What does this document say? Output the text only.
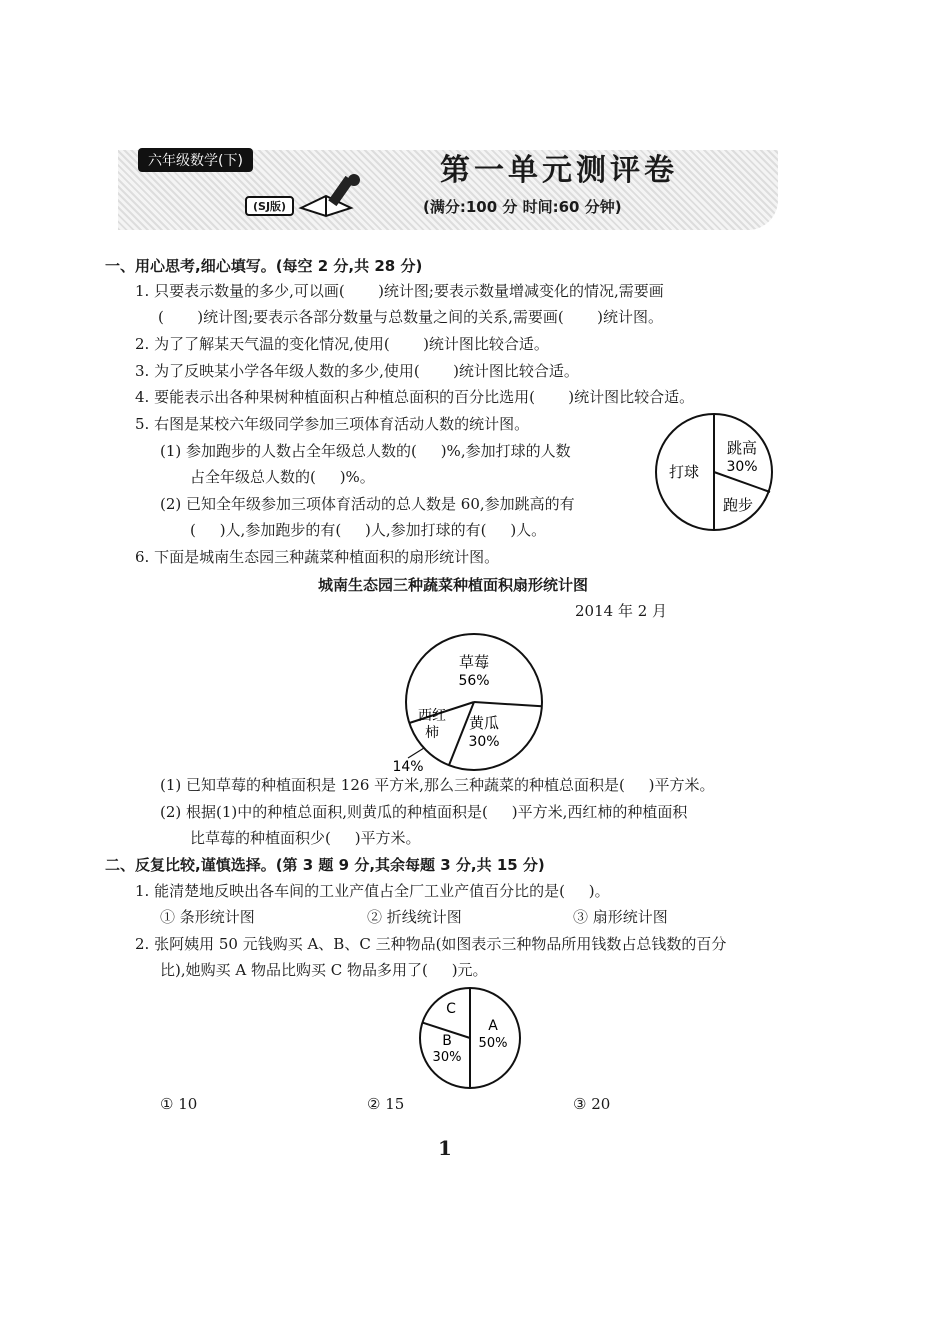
六年级数学(下)
(SJ版)
第一单元测评卷
(满分:100 分 时间:60 分钟)
一、用心思考,细心填写。(每空 2 分,共 28 分)
1. 只要表示数量的多少,可以画(       )统计图;要表示数量增减变化的情况,需要画
(       )统计图;要表示各部分数量与总数量之间的关系,需要画(       )统计图。
2. 为了了解某天气温的变化情况,使用(       )统计图比较合适。
3. 为了反映某小学各年级人数的多少,使用(       )统计图比较合适。
4. 要能表示出各种果树种植面积占种植总面积的百分比选用(       )统计图比较合适。
5. 右图是某校六年级同学参加三项体育活动人数的统计图。
(1) 参加跑步的人数占全年级总人数的(     )%,参加打球的人数
占全年级总人数的(     )%。
(2) 已知全年级参加三项体育活动的总人数是 60,参加跳高的有
(     )人,参加跑步的有(     )人,参加打球的有(     )人。
6. 下面是城南生态园三种蔬菜种植面积的扇形统计图。
跳高
30%
跑步
打球
城南生态园三种蔬菜种植面积扇形统计图
2014 年 2 月
草莓
56%
黄瓜
30%
西红
柿
14%
(1) 已知草莓的种植面积是 126 平方米,那么三种蔬菜的种植总面积是(     )平方米。
(2) 根据(1)中的种植总面积,则黄瓜的种植面积是(     )平方米,西红柿的种植面积
比草莓的种植面积少(     )平方米。
二、反复比较,谨慎选择。(第 3 题 9 分,其余每题 3 分,共 15 分)
1. 能清楚地反映出各车间的工业产值占全厂工业产值百分比的是(     )。
① 条形统计图	② 折线统计图	③ 扇形统计图
2. 张阿姨用 50 元钱购买 A、B、C 三种物品(如图表示三种物品所用钱数占总钱数的百分
比),她购买 A 物品比购买 C 物品多用了(     )元。
A
50%
B
30%
C
① 10	② 15	③ 20
1
